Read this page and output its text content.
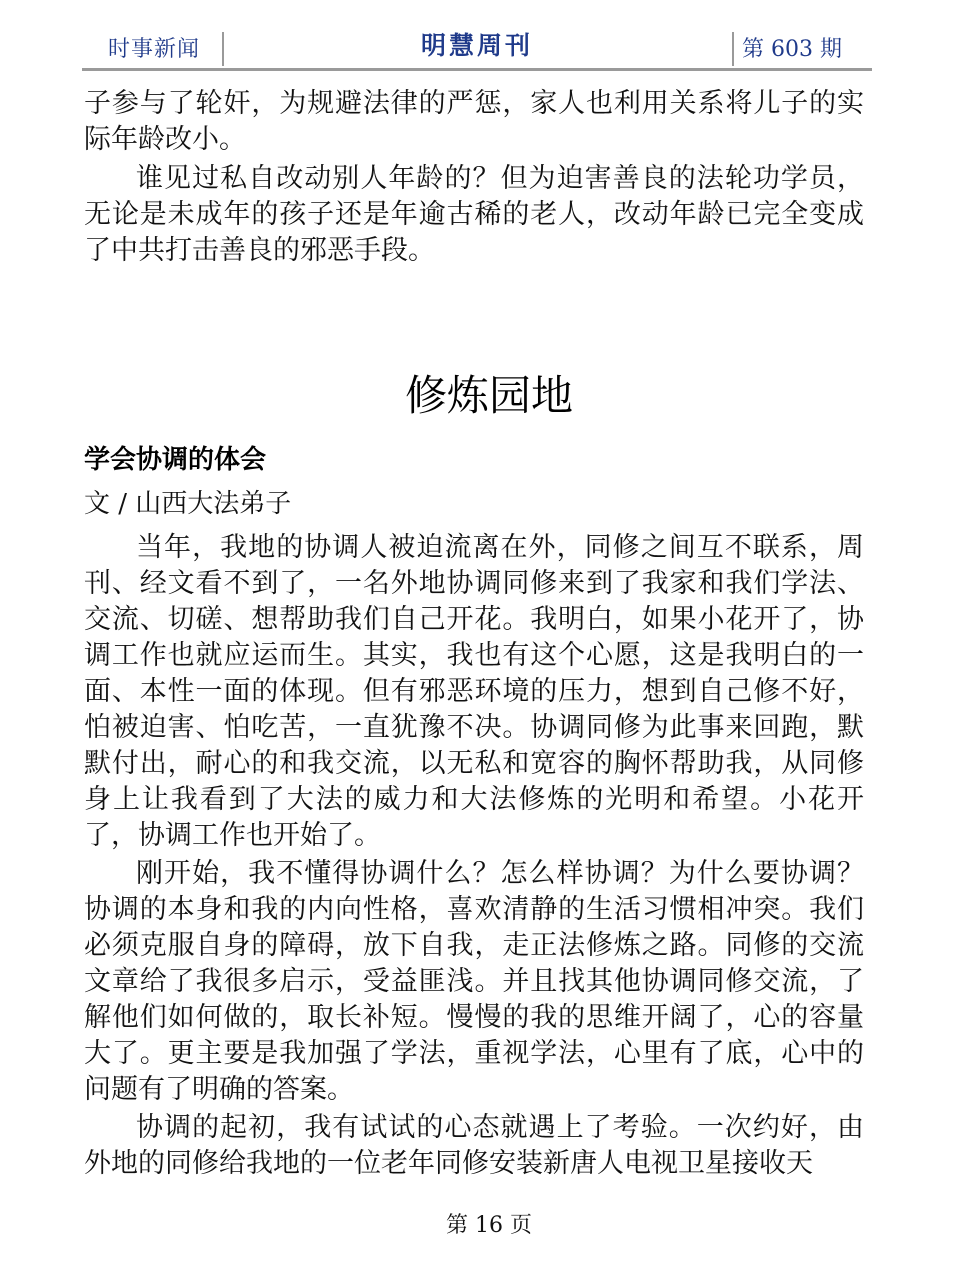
时事新闻	明慧周刊	第 603 期

子参与了轮奸，为规避法律的严惩，家人也利用关系将儿子的实际年龄改小。

谁见过私自改动别人年龄的？但为迫害善良的法轮功学员，无论是未成年的孩子还是年逾古稀的老人，改动年龄已完全变成了中共打击善良的邪恶手段。

修炼园地

学会协调的体会

文 / 山西大法弟子

当年，我地的协调人被迫流离在外，同修之间互不联系，周刊、经文看不到了，一名外地协调同修来到了我家和我们学法、交流、切磋、想帮助我们自己开花。我明白，如果小花开了，协调工作也就应运而生。其实，我也有这个心愿，这是我明白的一面、本性一面的体现。但有邪恶环境的压力，想到自己修不好，怕被迫害、怕吃苦，一直犹豫不决。协调同修为此事来回跑，默默付出，耐心的和我交流，以无私和宽容的胸怀帮助我，从同修身上让我看到了大法的威力和大法修炼的光明和希望。小花开了，协调工作也开始了。

刚开始，我不懂得协调什么？怎么样协调？为什么要协调？协调的本身和我的内向性格，喜欢清静的生活习惯相冲突。我们必须克服自身的障碍，放下自我，走正法修炼之路。同修的交流文章给了我很多启示，受益匪浅。并且找其他协调同修交流，了解他们如何做的，取长补短。慢慢的我的思维开阔了，心的容量大了。更主要是我加强了学法，重视学法，心里有了底，心中的问题有了明确的答案。

协调的起初，我有试试的心态就遇上了考验。一次约好，由外地的同修给我地的一位老年同修安装新唐人电视卫星接收天

第 16 页
